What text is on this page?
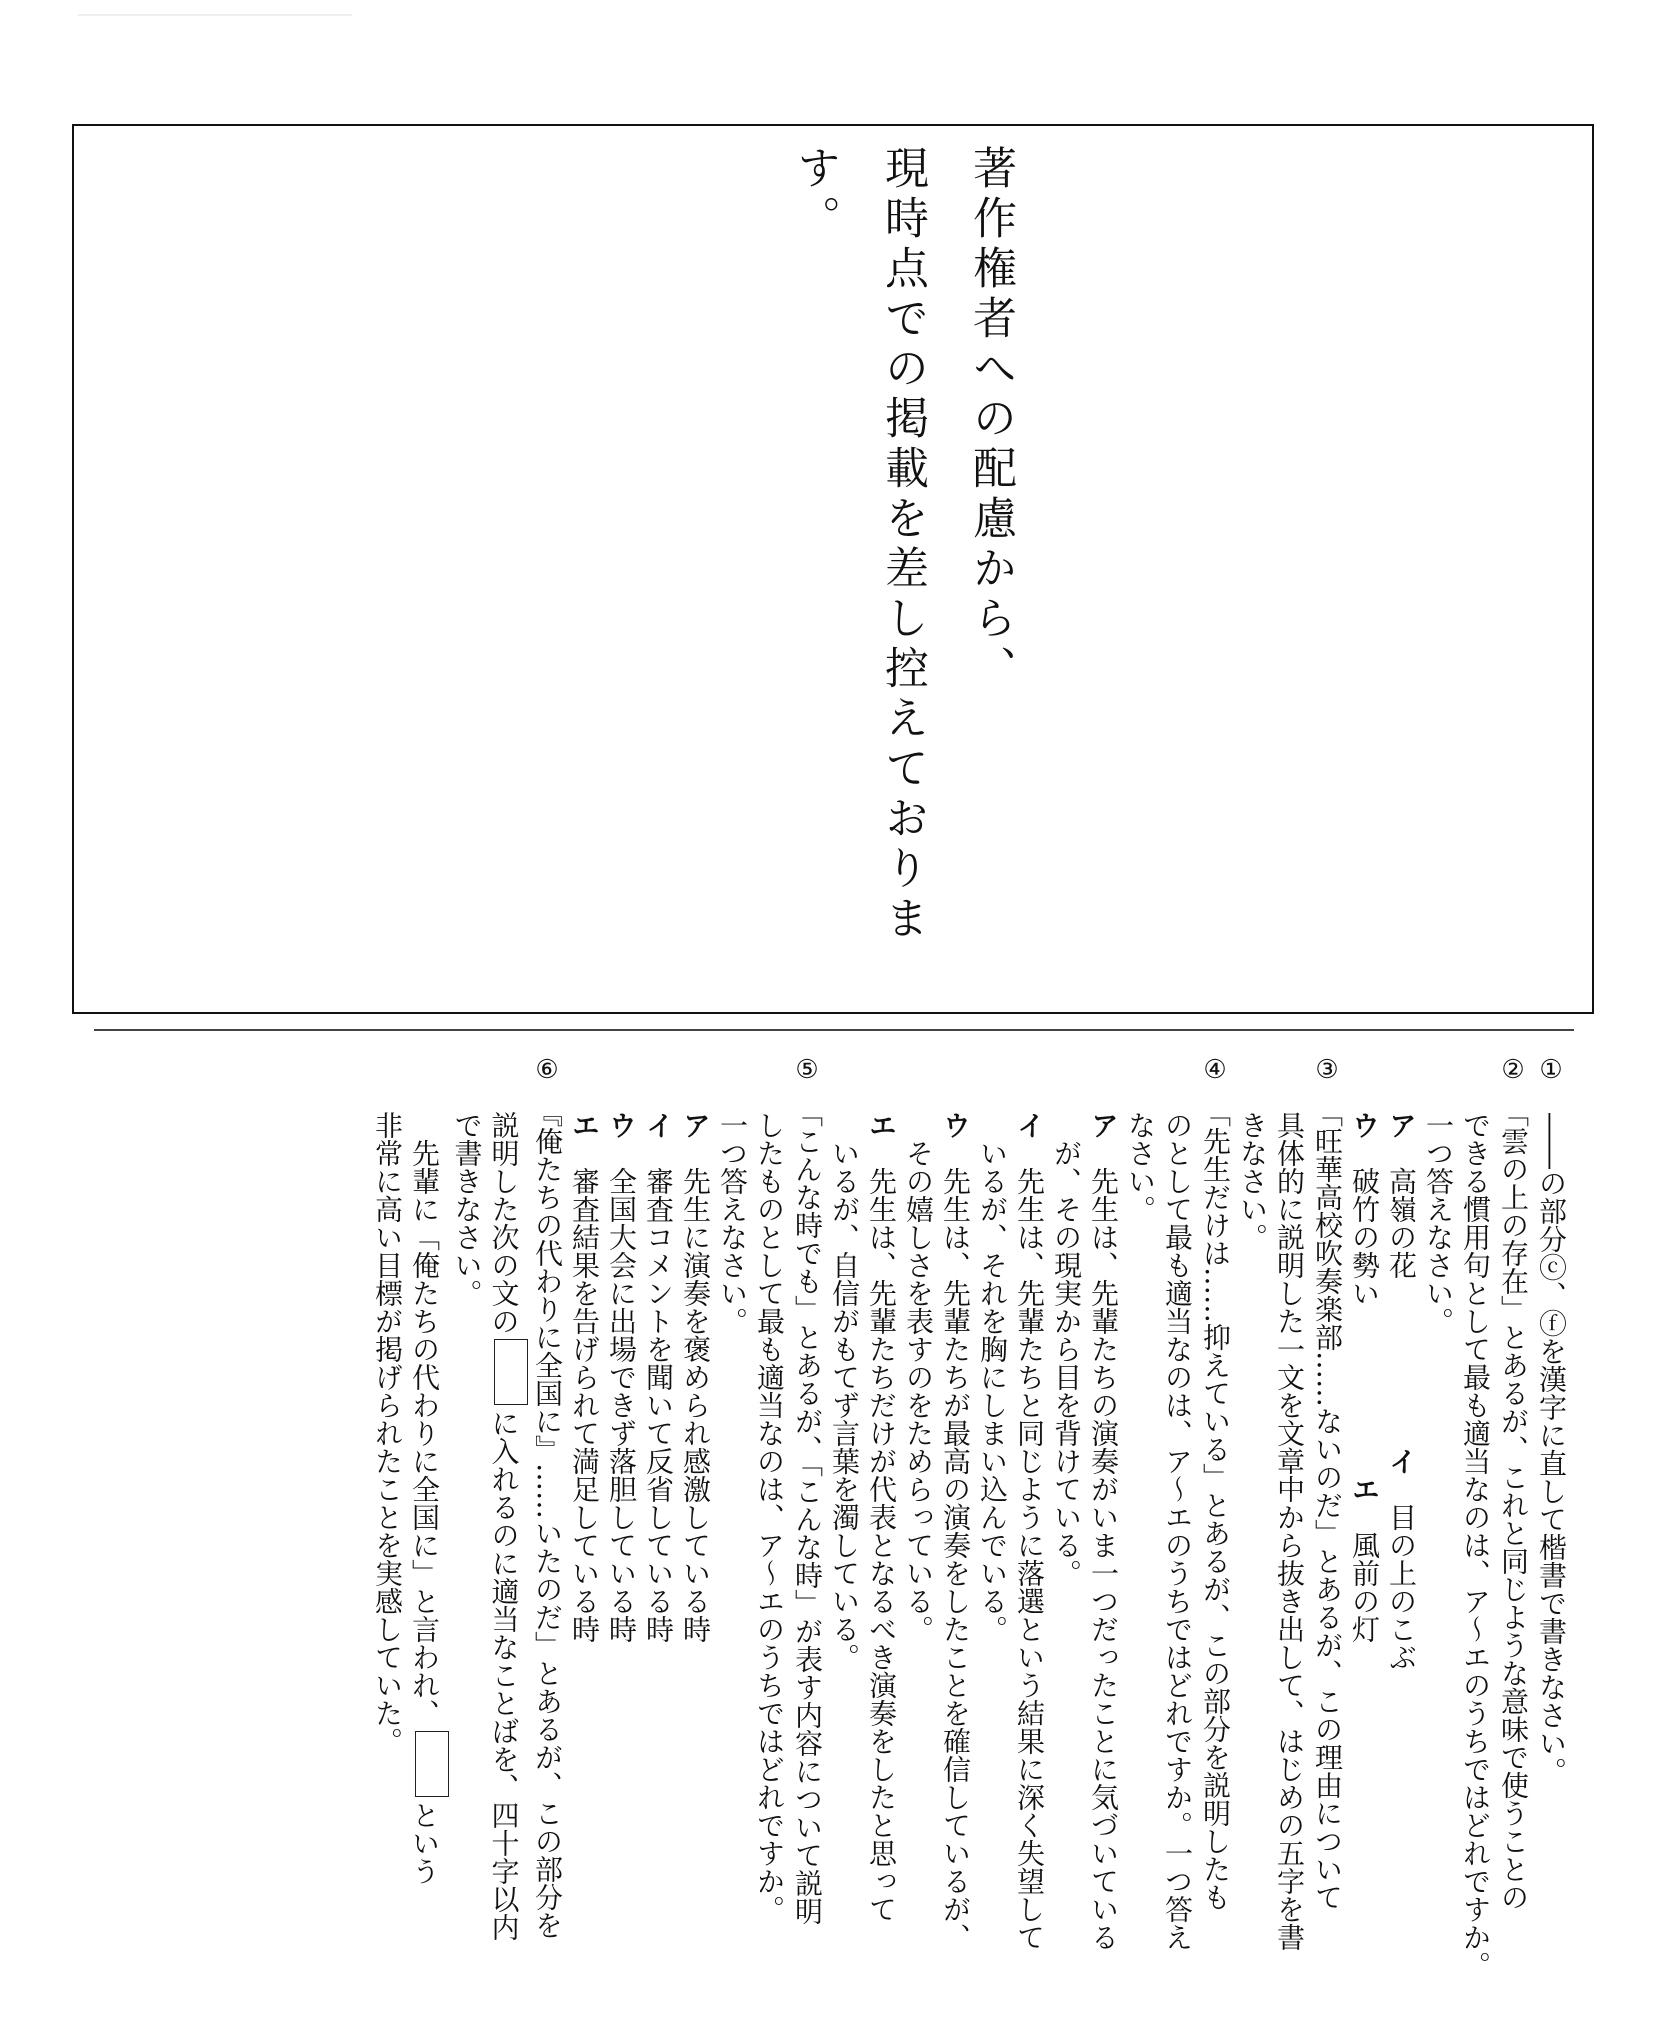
著作権者への配慮から、
現時点での掲載を差し控えております。

①　――の部分ⓒ、ⓕを漢字に直して楷書で書きなさい。

②　「雲の上の存在」とあるが、これと同じような意味で使うことの

　　できる慣用句として最も適当なのは、ア～エのうちではどれですか。

　　一つ答えなさい。

　　ア　高嶺の花　　　　　　イ　目の上のこぶ

　　ウ　破竹の勢い　　　　　　エ　風前の灯

③　「旺華高校吹奏楽部……ないのだ」とあるが、この理由について

　　具体的に説明した一文を文章中から抜き出して、はじめの五字を書

　　きなさい。

④　「先生だけは……抑えている」とあるが、この部分を説明したも

　　のとして最も適当なのは、ア～エのうちではどれですか。一つ答え

　　なさい。

　　ア　先生は、先輩たちの演奏がいま一つだったことに気づいている

　　　が、その現実から目を背けている。

　　イ　先生は、先輩たちと同じように落選という結果に深く失望して

　　　いるが、それを胸にしまい込んでいる。

　　ウ　先生は、先輩たちが最高の演奏をしたことを確信しているが、

　　　その嬉しさを表すのをためらっている。

　　エ　先生は、先輩たちだけが代表となるべき演奏をしたと思って

　　　いるが、自信がもてず言葉を濁している。

⑤　「こんな時でも」とあるが、「こんな時」が表す内容について説明

　　したものとして最も適当なのは、ア～エのうちではどれですか。

　　一つ答えなさい。

　　ア　先生に演奏を褒められ感激している時

　　イ　審査コメントを聞いて反省している時

　　ウ　全国大会に出場できず落胆している時

　　エ　審査結果を告げられて満足している時

⑥　『俺たちの代わりに全国に』……いたのだ」とあるが、この部分を

　　説明した次の文のに入れるのに適当なことばを、四十字以内

　　で書きなさい。

　　　先輩に「俺たちの代わりに全国に」と言われ、という

　　非常に高い目標が掲げられたことを実感していた。
